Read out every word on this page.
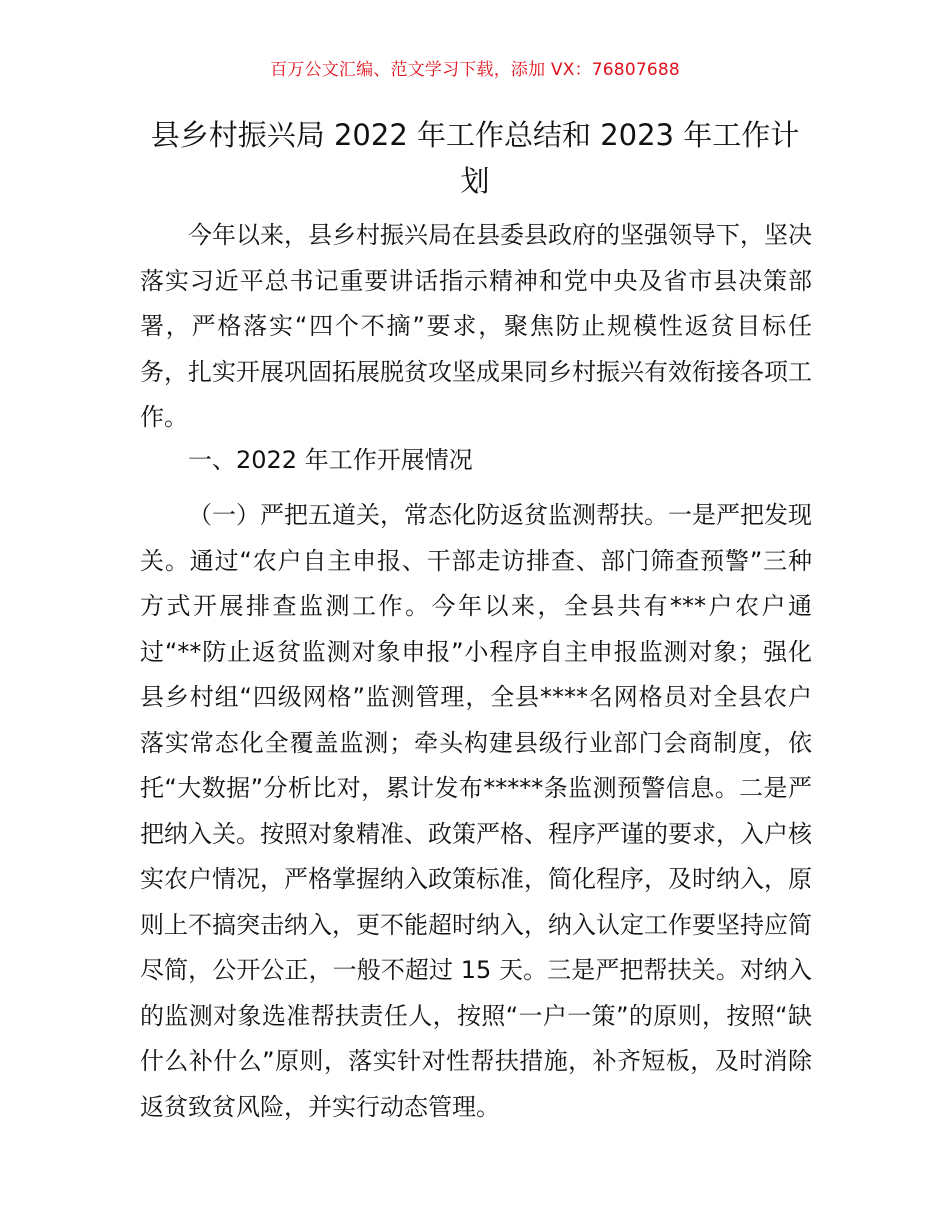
百万公文汇编、范文学习下载，添加 VX：76807688
县乡村振兴局 2022 年工作总结和 2023 年工作计划

今年以来，县乡村振兴局在县委县政府的坚强领导下，坚决落实习近平总书记重要讲话指示精神和党中央及省市县决策部署，严格落实“四个不摘”要求，聚焦防止规模性返贫目标任务，扎实开展巩固拓展脱贫攻坚成果同乡村振兴有效衔接各项工作。

一、2022 年工作开展情况

（一）严把五道关，常态化防返贫监测帮扶。一是严把发现关。通过“农户自主申报、干部走访排查、部门筛查预警”三种方式开展排查监测工作。今年以来，全县共有***户农户通过“**防止返贫监测对象申报”小程序自主申报监测对象；强化县乡村组“四级网格”监测管理，全县****名网格员对全县农户落实常态化全覆盖监测；牵头构建县级行业部门会商制度，依托“大数据”分析比对，累计发布*****条监测预警信息。二是严把纳入关。按照对象精准、政策严格、程序严谨的要求，入户核实农户情况，严格掌握纳入政策标准，简化程序，及时纳入，原则上不搞突击纳入，更不能超时纳入，纳入认定工作要坚持应简尽简，公开公正，一般不超过 15 天。三是严把帮扶关。对纳入的监测对象选准帮扶责任人，按照“一户一策”的原则，按照“缺什么补什么”原则，落实针对性帮扶措施，补齐短板，及时消除返贫致贫风险，并实行动态管理。
